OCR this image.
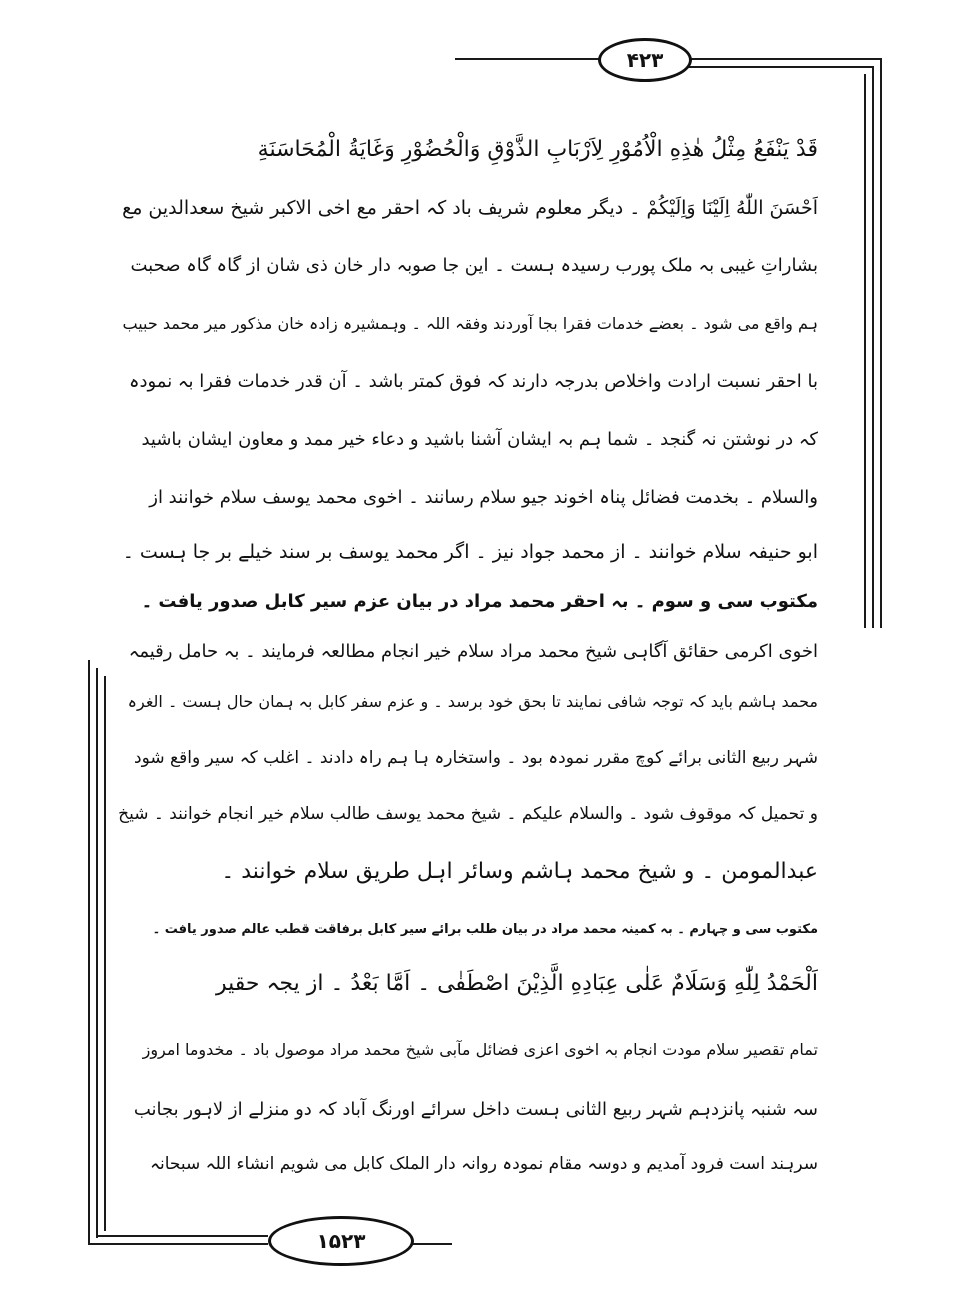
۴۲۳
۱۵۲۳
قَدْ یَنْفَعُ مِثْلُ هٰذِهِ الْاُمُوْرِ لِاَرْبَابِ الذَّوْقِ وَالْحُضُوْرِ وَغَایَةُ الْمُحَاسَنَةِ
اَحْسَنَ اللّٰهُ اِلَیْنَا وَاِلَیْکُمْ ۔ دیگر معلوم شریف باد کہ احقر مع اخی الاکبر شیخ سعدالدین مع
بشاراتِ غیبی بہ ملک پورب رسیدہ ہست ۔ این جا صوبہ دار خان ذی شان از گاہ گاہ صحبت
ہم واقع می شود ۔ بعضے خدمات فقرا بجا آوردند وفقہ اللہ ۔ وہمشیرہ زادہ خان مذکور میر محمد حبیب
با احقر نسبت ارادت واخلاص بدرجہ دارند کہ فوق کمتر باشد ۔ آن قدر خدمات فقرا بہ نمودہ
کہ در نوشتن نہ گنجد ۔ شما ہم بہ ایشان آشنا باشید و دعاء خیر ممد و معاون ایشان باشید
والسلام ۔ بخدمت فضائل پناہ اخوند جیو سلام رسانند ۔ اخوی محمد یوسف سلام خوانند از
ابو حنیفہ سلام خوانند ۔ از محمد جواد نیز ۔ اگر محمد یوسف بر سند خیلے بر جا ہست ۔
مکتوب سی و سوم ۔ بہ احقر محمد مراد در بیان عزم سیر کابل صدور یافت ۔
اخوی اکرمی حقائق آگاہی شیخ محمد مراد سلام خیر انجام مطالعہ فرمایند ۔ بہ حامل رقیمہ
محمد ہاشم باید کہ توجہ شافی نمایند تا بحق خود برسد ۔ و عزم سفر کابل بہ ہمان حال ہست ۔ الغرہ
شہر ربیع الثانی برائے کوچ مقرر نمودہ بود ۔ واستخارہ ہا ہم راہ دادند ۔ اغلب کہ سیر واقع شود
و تحمیل کہ موقوف شود ۔ والسلام علیکم ۔ شیخ محمد یوسف طالب سلام خیر انجام خوانند ۔ شیخ
عبدالمومن ۔ و شیخ محمد ہاشم وسائر اہل طریق سلام خوانند ۔
مکتوب سی و چہارم ۔ بہ کمینہ محمد مراد در بیان طلب برائے سیر کابل برفاقت قطب عالم صدور یافت ۔
اَلْحَمْدُ لِلّٰهِ وَسَلَامٌ عَلٰی عِبَادِهِ الَّذِیْنَ اصْطَفٰی ۔ اَمَّا بَعْدُ ۔ از یجہ حقیر
تمام تقصیر سلام مودت انجام بہ اخوی اعزی فضائل مآبی شیخ محمد مراد موصول باد ۔ مخدوما امروز
سہ شنبہ پانزدہم شہر ربیع الثانی ہست داخل سرائے اورنگ آباد کہ دو منزلے از لاہور بجانب
سرہند است فرود آمدیم و دوسہ مقام نمودہ روانہ دار الملک کابل می شویم انشاء اللہ سبحانہ
